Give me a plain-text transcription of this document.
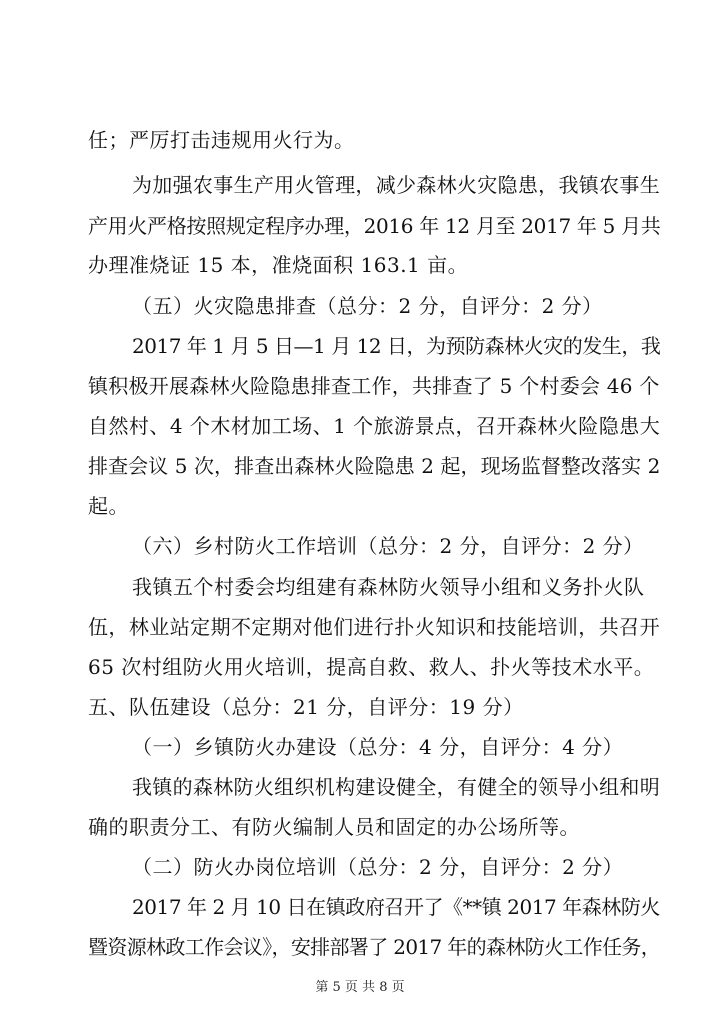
任；严厉打击违规用火行为。
为加强农事生产用火管理，减少森林火灾隐患，我镇农事生
产用火严格按照规定程序办理，2016 年 12 月至 2017 年 5 月共
办理准烧证 15 本，准烧面积 163.1 亩。
（五）火灾隐患排查（总分：2 分，自评分：2 分）
2017 年 1 月 5 日—1 月 12 日，为预防森林火灾的发生，我
镇积极开展森林火险隐患排查工作，共排查了 5 个村委会 46 个
自然村、4 个木材加工场、1 个旅游景点，召开森林火险隐患大
排查会议 5 次，排查出森林火险隐患 2 起，现场监督整改落实 2
起。
（六）乡村防火工作培训（总分：2 分，自评分：2 分）
我镇五个村委会均组建有森林防火领导小组和义务扑火队
伍，林业站定期不定期对他们进行扑火知识和技能培训，共召开
65 次村组防火用火培训，提高自救、救人、扑火等技术水平。
五、队伍建设（总分：21 分，自评分：19 分）
（一）乡镇防火办建设（总分：4 分，自评分：4 分）
我镇的森林防火组织机构建设健全，有健全的领导小组和明
确的职责分工、有防火编制人员和固定的办公场所等。
（二）防火办岗位培训（总分：2 分，自评分：2 分）
2017 年 2 月 10 日在镇政府召开了《**镇 2017 年森林防火
暨资源林政工作会议》，安排部署了 2017 年的森林防火工作任务，
第 5 页 共 8 页
